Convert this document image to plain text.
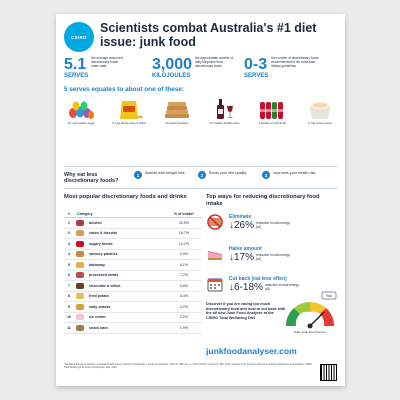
CSIRO
Scientists combat Australia's #1 diet issue: junk food
5.1
SERVES
the average amount of discretionary foods eaten daily	3,000
KILOJOULES
the approximate number of daily kilojoules from discretionary foods	0-3
SERVES
the number of discretionary foods recommended in the Australian dietary guidelines
5 serves equates to about one of these:
10 mini easter eggs	½ of a family bag of chips	10 sweet biscuits	1½ bottles bottles wine	4 bottles of soft drink	½ tub of ice cream
Why eat less discretionary foods?
1	Assists with weight loss	2	Boost your diet quality	3	Improves your health risk
Most popular discretionary foods and drinks
#	Category	% of intake*
1	alcohol	20.5%
2	cakes & biscuits	18.7%
3	sugary drinks	12.2%
4	savoury pastries	9.0%
5	takeaway	8.1%
6	processed meats	7.2%
7	chocolate & lollies	6.8%
8	fried potato	5.4%
9	salty snacks	3.2%
10	ice cream	2.2%
11	snack bars	1.9%
Top ways for reducing discretionary food intake
Eliminate
↓26% reduction in total energy (kJ)
Halve amount
↓17% reduction in total energy (kJ)
Cut back (eat less often)
↓6-18% reduction in total energy (kJ)
Discover if you are eating too much discretionary food and how to cut back with the all new Junk Food Analyser at the CSIRO Total Wellbeing Diet
You
Daily Junk Food Serves
junkfoodanalyser.com
*Australian Bureau of Statistics. Australian Health Survey: Nutrition First Results – Foods and Nutrients, 2011-12. ABS cat. no. 4364.0.55.007. Canberra: ABS, 2014. Analysis of the junk food patterns and dietary behaviours of Australians, CSIRO Total Wellbeing Diet Junk Food Analyser data, 2016.
